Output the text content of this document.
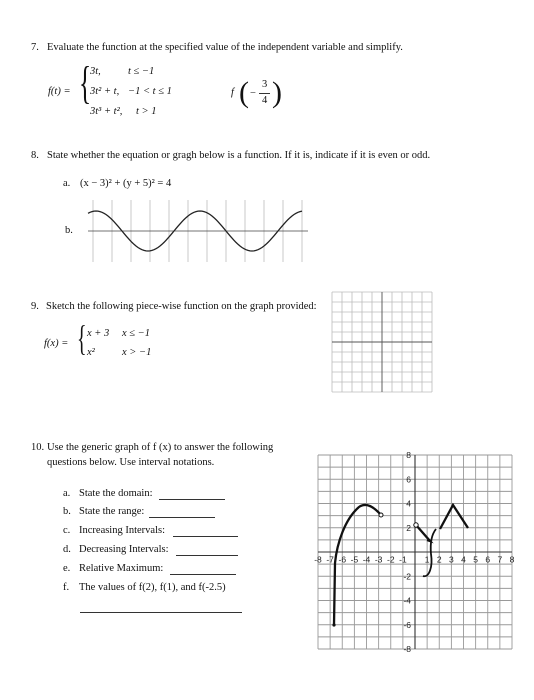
7. Evaluate the function at the specified value of the independent variable and simplify.
f(t) = {
3t,	t ≤ −1
3t² + t, −1 < t ≤ 1
3t³ + t², t > 1
f ( −
3
4 )
8. State whether the equation or gragh below is a function. If it is, indicate if it is even or odd.
a. (x − 3)² + (y + 5)² = 4
b.
9. Sketch the following piece-wise function on the graph provided:
f(x) = { x + 3 x ≤ −1
x²	x > −1
10. Use the generic graph of f (x) to answer the following
questions below. Use interval notations.
a. State the domain:
b. State the range:
c. Increasing Intervals:
d. Decreasing Intervals:
e. Relative Maximum:
f. The values of f(2), f(1), and f(-2.5)
-8 -7 -6 -5 -4 -3 -2 -1 1 2 3 4 5 6 7 8
8
6
4
2
-2
-4
-6
-8
